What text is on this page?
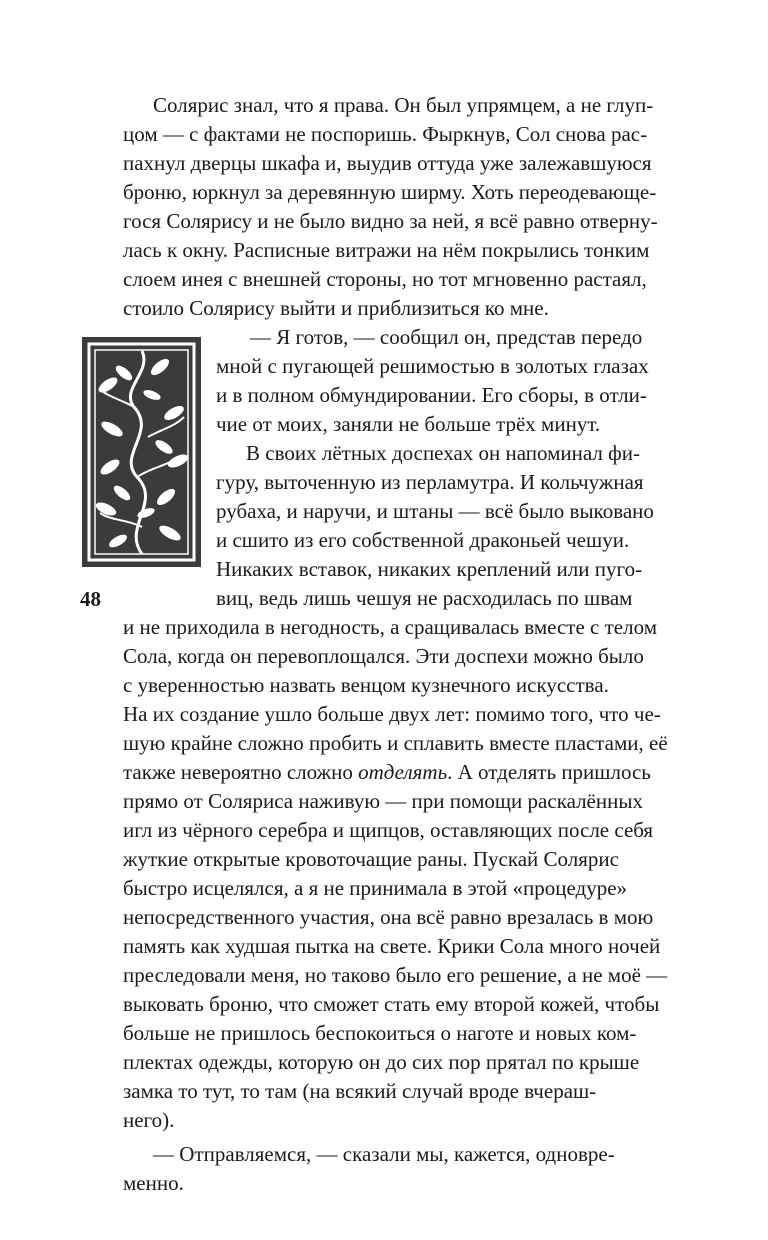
Солярис знал, что я права. Он был упрямцем, а не глуп-
цом — с фактами не поспоришь. Фыркнув, Сол снова рас-
пахнул дверцы шкафа и, выудив оттуда уже залежавшуюся
броню, юркнул за деревянную ширму. Хоть переодевающе-
гося Солярису и не было видно за ней, я всё равно отверну-
лась к окну. Расписные витражи на нём покрылись тонким
слоем инея с внешней стороны, но тот мгновенно растаял,
стоило Солярису выйти и приблизиться ко мне.
— Я готов, — сообщил он, представ передо
мной с пугающей решимостью в золотых глазах
и в полном обмундировании. Его сборы, в отли-
чие от моих, заняли не больше трёх минут.
В своих лётных доспехах он напоминал фи-
гуру, выточенную из перламутра. И кольчужная
рубаха, и наручи, и штаны — всё было выковано
и сшито из его собственной драконьей чешуи.
Никаких вставок, никаких креплений или пуго-
виц, ведь лишь чешуя не расходилась по швам
и не приходила в негодность, а сращивалась вместе с телом
Сола, когда он перевоплощался. Эти доспехи можно было
с уверенностью назвать венцом кузнечного искусства.
На их создание ушло больше двух лет: помимо того, что че-
шую крайне сложно пробить и сплавить вместе пластами, её
также невероятно сложно отделять. А отделять пришлось
прямо от Соляриса наживую — при помощи раскалённых
игл из чёрного серебра и щипцов, оставляющих после себя
жуткие открытые кровоточащие раны. Пускай Солярис
быстро исцелялся, а я не принимала в этой «процедуре»
непосредственного участия, она всё равно врезалась в мою
память как худшая пытка на свете. Крики Сола много ночей
преследовали меня, но таково было его решение, а не моё —
выковать броню, что сможет стать ему второй кожей, чтобы
больше не пришлось беспокоиться о наготе и новых ком-
плектах одежды, которую он до сих пор прятал по крыше
замка то тут, то там (на всякий случай вроде вчераш-
него).
— Отправляемся, — сказали мы, кажется, одновре-
менно.
48
